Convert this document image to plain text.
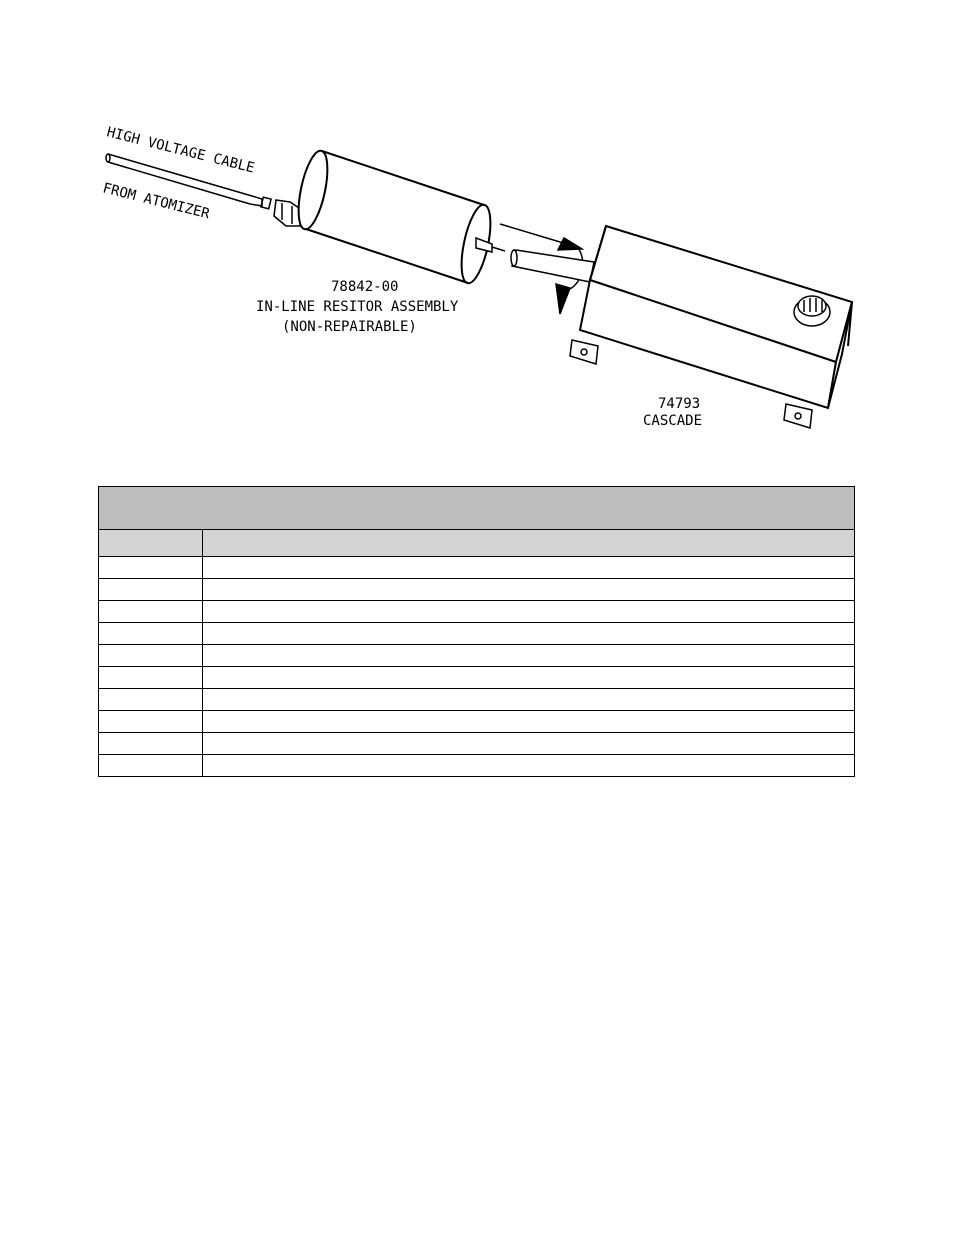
HIGH VOLTAGE CABLE
FROM ATOMIZER
78842-00
IN-LINE RESITOR ASSEMBLY
(NON-REPAIRABLE)
74793
CASCADE
